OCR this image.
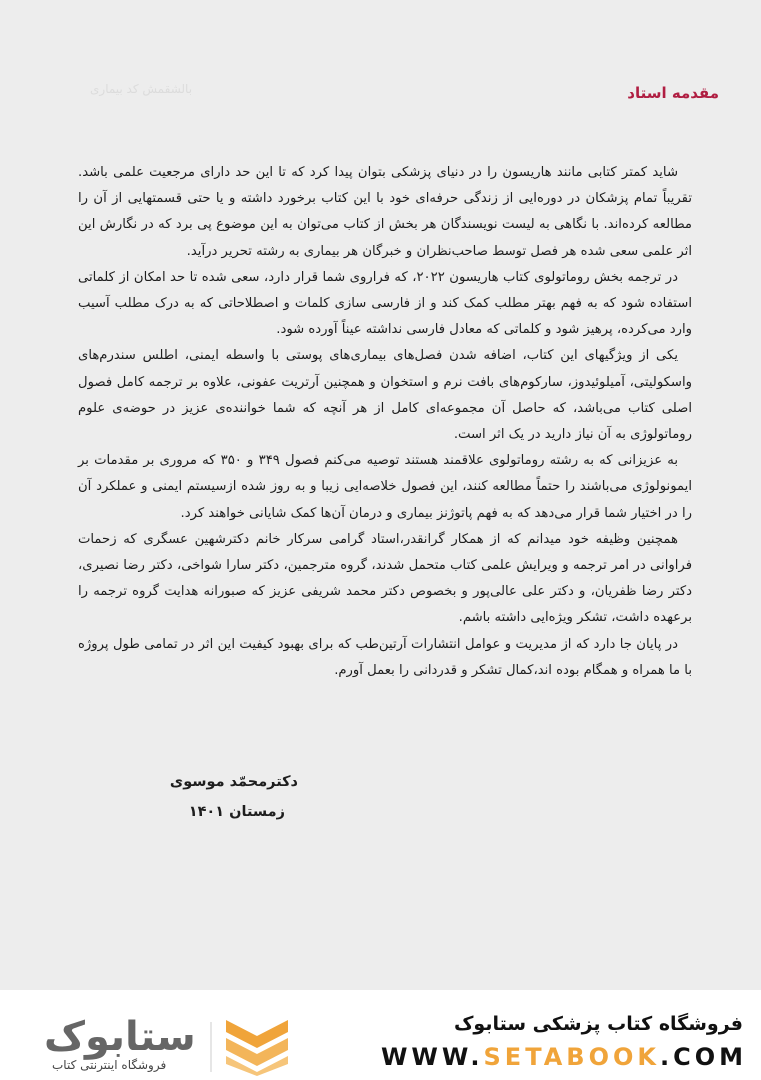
بالشقمش کد بیماری	مقدمه استاد

شاید کمتر کتابی مانند هاریسون را در دنیای پزشکی بتوان پیدا کرد که تا این حد دارای مرجعیت علمی باشد. تقریباً تمام پزشکان در دوره‌ایی از زندگی حرفه‌ای خود با این کتاب برخورد داشته و یا حتی قسمتهایی از آن را مطالعه کرده‌اند. با نگاهی به لیست نویسندگان هر بخش از کتاب می‌توان به این موضوع پی برد که در نگارش این اثر علمی سعی شده هر فصل توسط صاحب‌نظران و خبرگان هر بیماری به رشته تحریر درآید.

در ترجمه بخش روماتولوی کتاب هاریسون ۲۰۲۲، که فراروی شما قرار دارد، سعی شده تا حد امکان از کلماتی استفاده شود که به فهم بهتر مطلب کمک کند و از فارسی سازی کلمات و اصطلاحاتی که به درک مطلب آسیب وارد می‌کرده، پرهیز شود و کلماتی که معادل فارسی نداشته عیناً آورده شود.

یکی از ویژگیهای این کتاب، اضافه شدن فصل‌های بیماری‌های پوستی با واسطه ایمنی، اطلس سندرم‌های واسکولیتی، آمیلوئیدوز، سارکوم‌های بافت نرم و استخوان و همچنین آرتریت عفونی، علاوه بر ترجمه کامل فصول اصلی کتاب می‌باشد، که حاصل آن مجموعه‌ای کامل از هر آنچه که شما خواننده‌ی عزیز در حوضه‌ی علوم روماتولوژی به آن نیاز دارید در یک اثر است.

به عزیزانی که به رشته روماتولوی علاقمند هستند توصیه می‌کنم فصول ۳۴۹ و ۳۵۰ که مروری بر مقدمات بر ایمونولوژی می‌باشند را حتماً مطالعه کنند، این فصول خلاصه‌ایی زیبا و به روز شده ازسیستم ایمنی و عملکرد آن را در اختیار شما قرار می‌دهد که به فهم پاتوژنز بیماری و درمان آن‌ها کمک شایانی خواهند کرد.

همچنین وظیفه خود میدانم که از همکار گرانقدر،استاد گرامی سرکار خانم دکترشهین عسگری که زحمات فراوانی در امر ترجمه و ویرایش علمی کتاب متحمل شدند، گروه مترجمین، دکتر سارا شواخی، دکتر رضا نصیری، دکتر رضا ظفریان، و دکتر علی عالی‌پور و بخصوص دکتر محمد شریفی عزیز که صبورانه هدایت گروه ترجمه را برعهده داشت، تشکر ویژه‌ایی داشته باشم.

در پایان جا دارد که از مدیریت و عوامل انتشارات آرتین‌طب که برای بهبود کیفیت این اثر در تمامی طول پروژه با ما همراه و همگام بوده اند،کمال تشکر و قدردانی را بعمل آورم.

دکترمحمّد موسوی
زمستان ۱۴۰۱
ستابوک
فروشگاه اینترنتی کتاب
فروشگاه کتاب پزشکی ستابوک
WWW.SETABOOK.COM
